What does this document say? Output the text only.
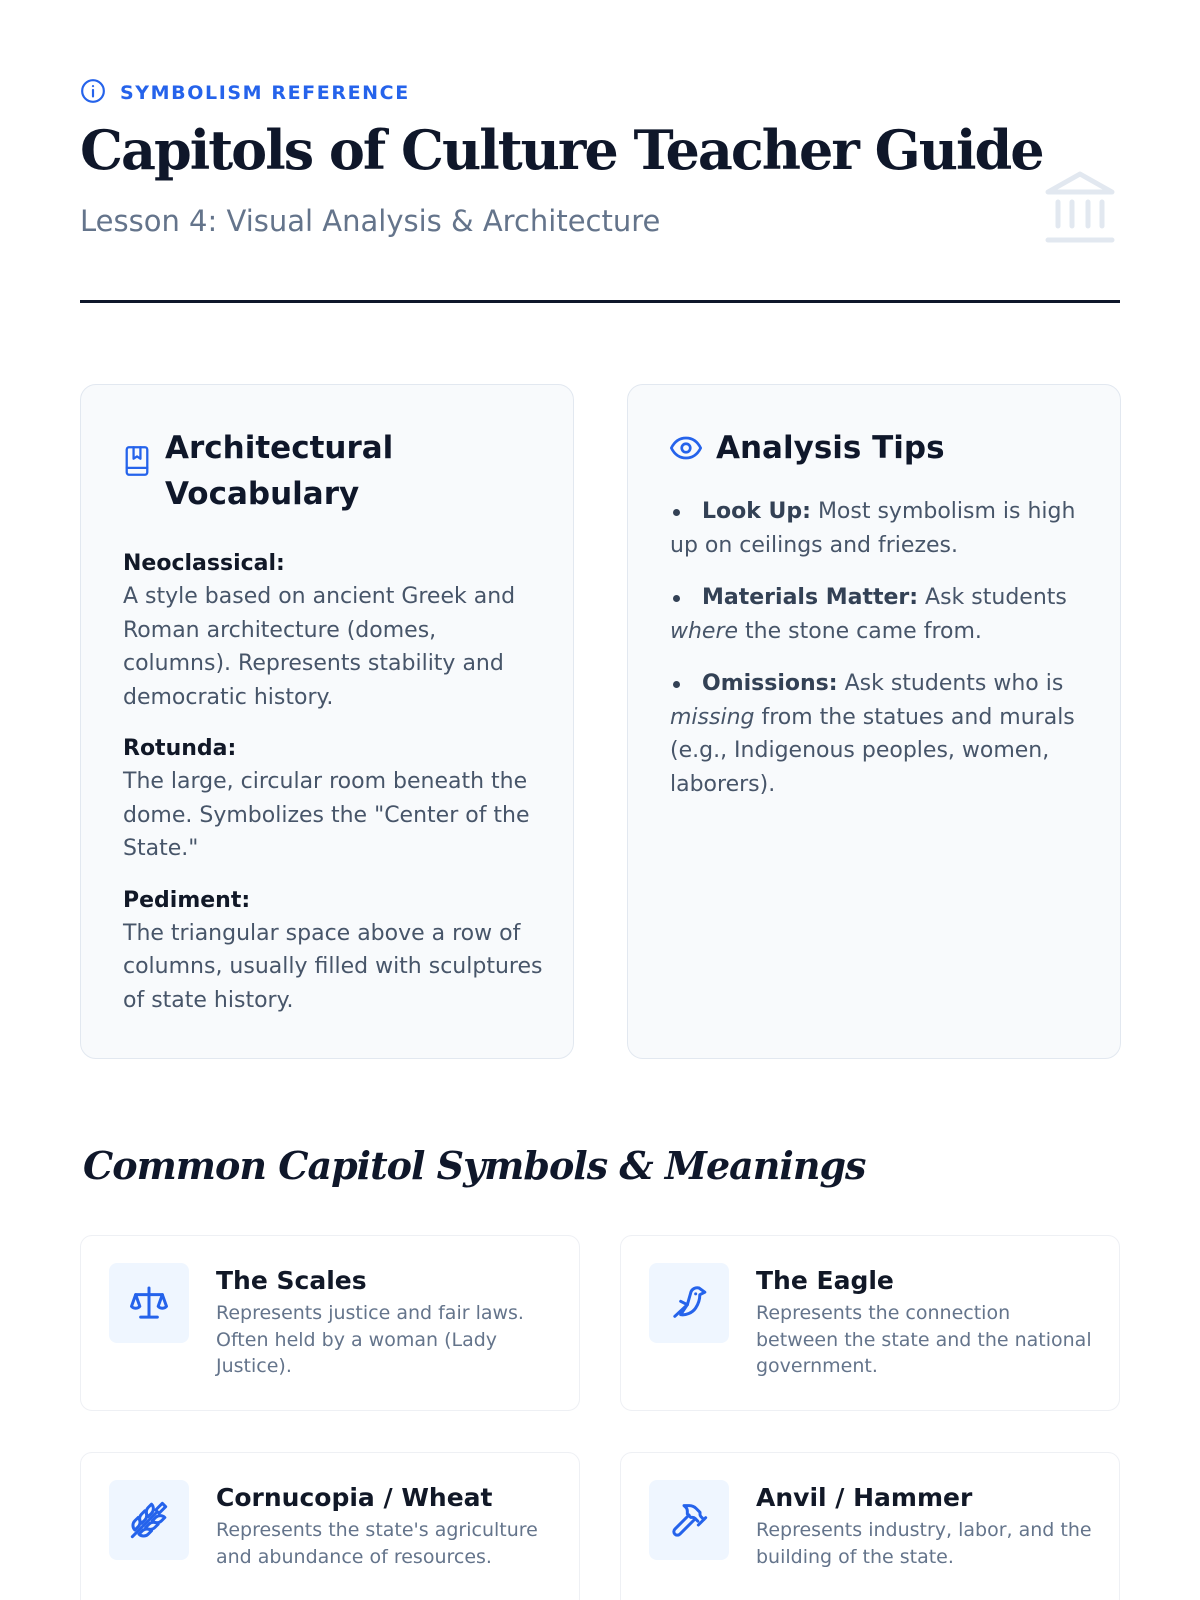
SYMBOLISM REFERENCE
Capitols of Culture Teacher Guide
Lesson 4: Visual Analysis & Architecture
Architectural Vocabulary
Neoclassical:
A style based on ancient Greek and Roman architecture (domes, columns). Represents stability and democratic history.
Rotunda:
The large, circular room beneath the dome. Symbolizes the "Center of the State."
Pediment:
The triangular space above a row of columns, usually filled with sculptures of state history.
Analysis Tips
Look Up: Most symbolism is high up on ceilings and friezes.
Materials Matter: Ask students where the stone came from.
Omissions: Ask students who is missing from the statues and murals (e.g., Indigenous peoples, women, laborers).
Common Capitol Symbols & Meanings
The Scales
Represents justice and fair laws. Often held by a woman (Lady Justice).
The Eagle
Represents the connection between the state and the national government.
Cornucopia / Wheat
Represents the state's agriculture and abundance of resources.
Anvil / Hammer
Represents industry, labor, and the building of the state.
